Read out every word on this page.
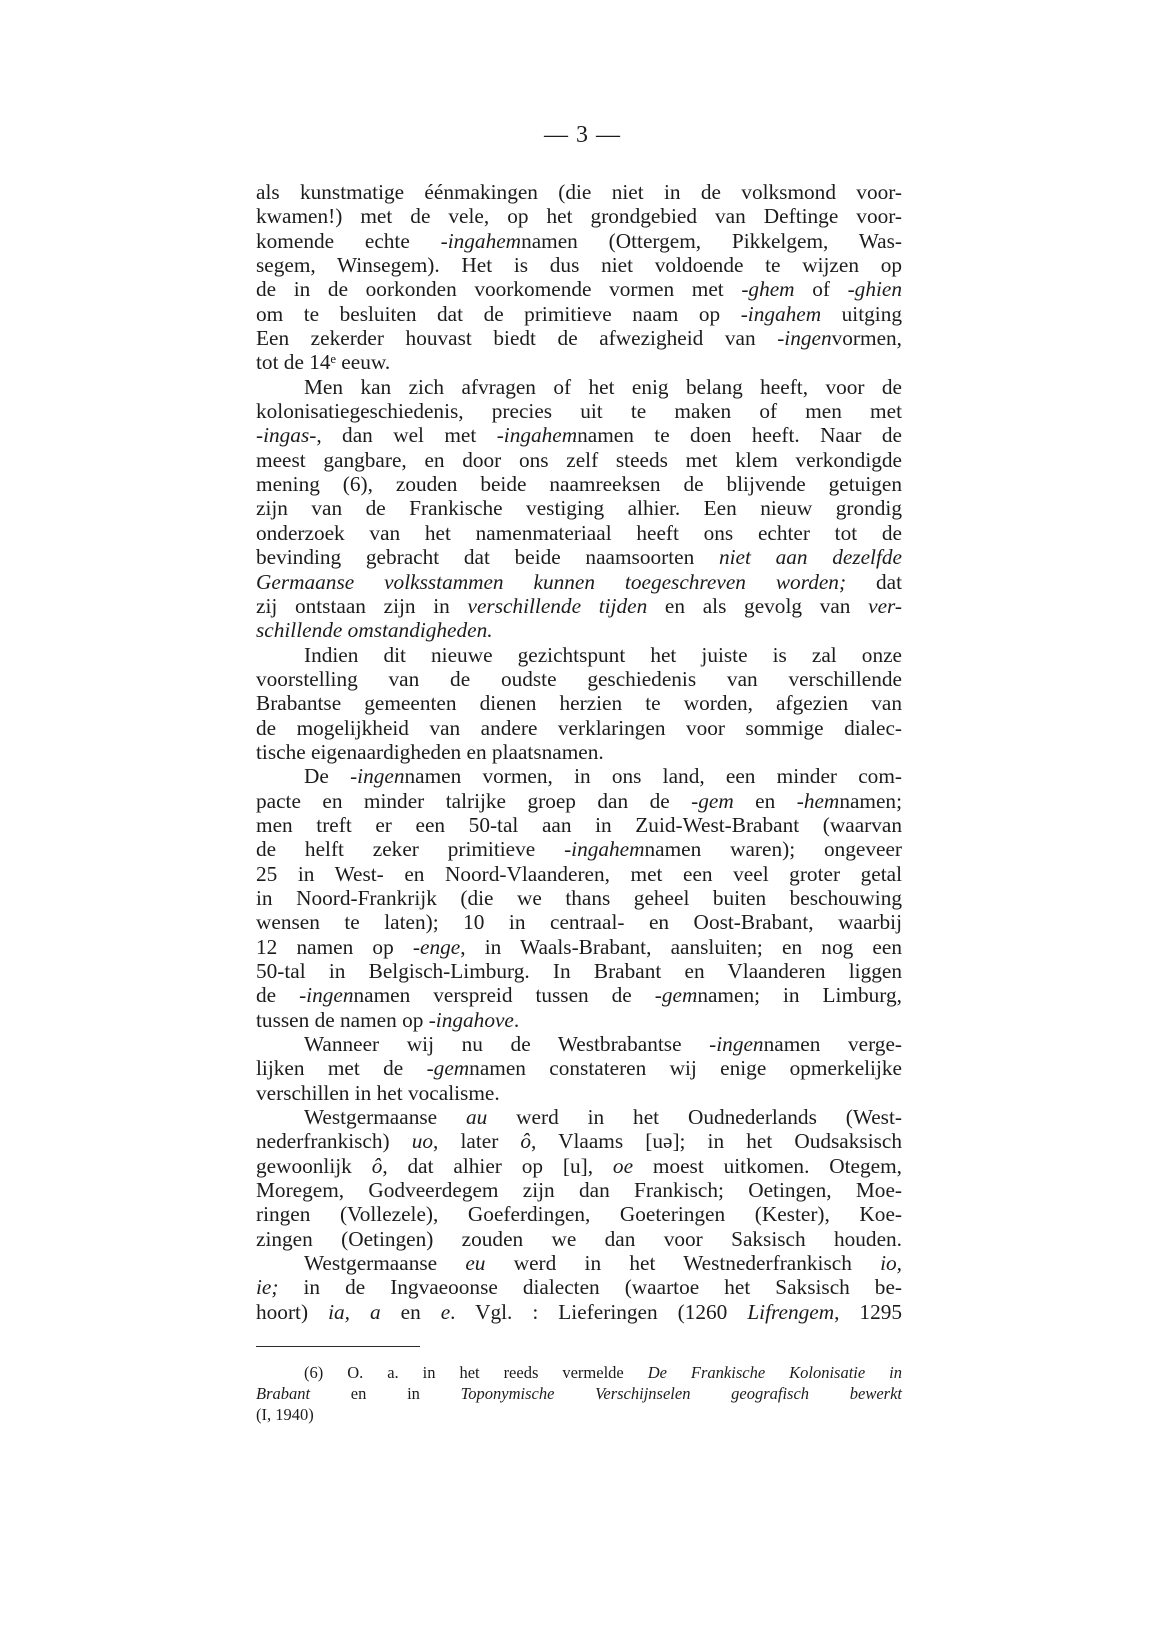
— 3 —
als kunstmatige éénmakingen (die niet in de volksmond voor-
kwamen!) met de vele, op het grondgebied van Deftinge voor-
komende echte -ingahemnamen (Ottergem, Pikkelgem, Was-
segem, Winsegem). Het is dus niet voldoende te wijzen op
de in de oorkonden voorkomende vormen met -ghem of -ghien
om te besluiten dat de primitieve naam op -ingahem uitging
Een zekerder houvast biedt de afwezigheid van -ingenvormen,
tot de 14ᵉ eeuw.
Men kan zich afvragen of het enig belang heeft, voor de
kolonisatiegeschiedenis, precies uit te maken of men met
-ingas-, dan wel met -ingahemnamen te doen heeft. Naar de
meest gangbare, en door ons zelf steeds met klem verkondigde
mening (6), zouden beide naamreeksen de blijvende getuigen
zijn van de Frankische vestiging alhier. Een nieuw grondig
onderzoek van het namenmateriaal heeft ons echter tot de
bevinding gebracht dat beide naamsoorten niet aan dezelfde
Germaanse volksstammen kunnen toegeschreven worden; dat
zij ontstaan zijn in verschillende tijden en als gevolg van ver-
schillende omstandigheden.
Indien dit nieuwe gezichtspunt het juiste is zal onze
voorstelling van de oudste geschiedenis van verschillende
Brabantse gemeenten dienen herzien te worden, afgezien van
de mogelijkheid van andere verklaringen voor sommige dialec-
tische eigenaardigheden en plaatsnamen.
De -ingennamen vormen, in ons land, een minder com-
pacte en minder talrijke groep dan de -gem en -hemnamen;
men treft er een 50-tal aan in Zuid-West-Brabant (waarvan
de helft zeker primitieve -ingahemnamen waren); ongeveer
25 in West- en Noord-Vlaanderen, met een veel groter getal
in Noord-Frankrijk (die we thans geheel buiten beschouwing
wensen te laten); 10 in centraal- en Oost-Brabant, waarbij
12 namen op -enge, in Waals-Brabant, aansluiten; en nog een
50-tal in Belgisch-Limburg. In Brabant en Vlaanderen liggen
de -ingennamen verspreid tussen de -gemnamen; in Limburg,
tussen de namen op -ingahove.
Wanneer wij nu de Westbrabantse -ingennamen verge-
lijken met de -gemnamen constateren wij enige opmerkelijke
verschillen in het vocalisme.
Westgermaanse au werd in het Oudnederlands (West-
nederfrankisch) uo, later ô, Vlaams [uə]; in het Oudsaksisch
gewoonlijk ô, dat alhier op [u], oe moest uitkomen. Otegem,
Moregem, Godveerdegem zijn dan Frankisch; Oetingen, Moe-
ringen (Vollezele), Goeferdingen, Goeteringen (Kester), Koe-
zingen (Oetingen) zouden we dan voor Saksisch houden.
Westgermaanse eu werd in het Westnederfrankisch io,
ie; in de Ingvaeoonse dialecten (waartoe het Saksisch be-
hoort) ia, a en e. Vgl. : Lieferingen (1260 Lifrengem, 1295
(6) O. a. in het reeds vermelde De Frankische Kolonisatie in
Brabant en in Toponymische Verschijnselen geografisch bewerkt
(I, 1940)
